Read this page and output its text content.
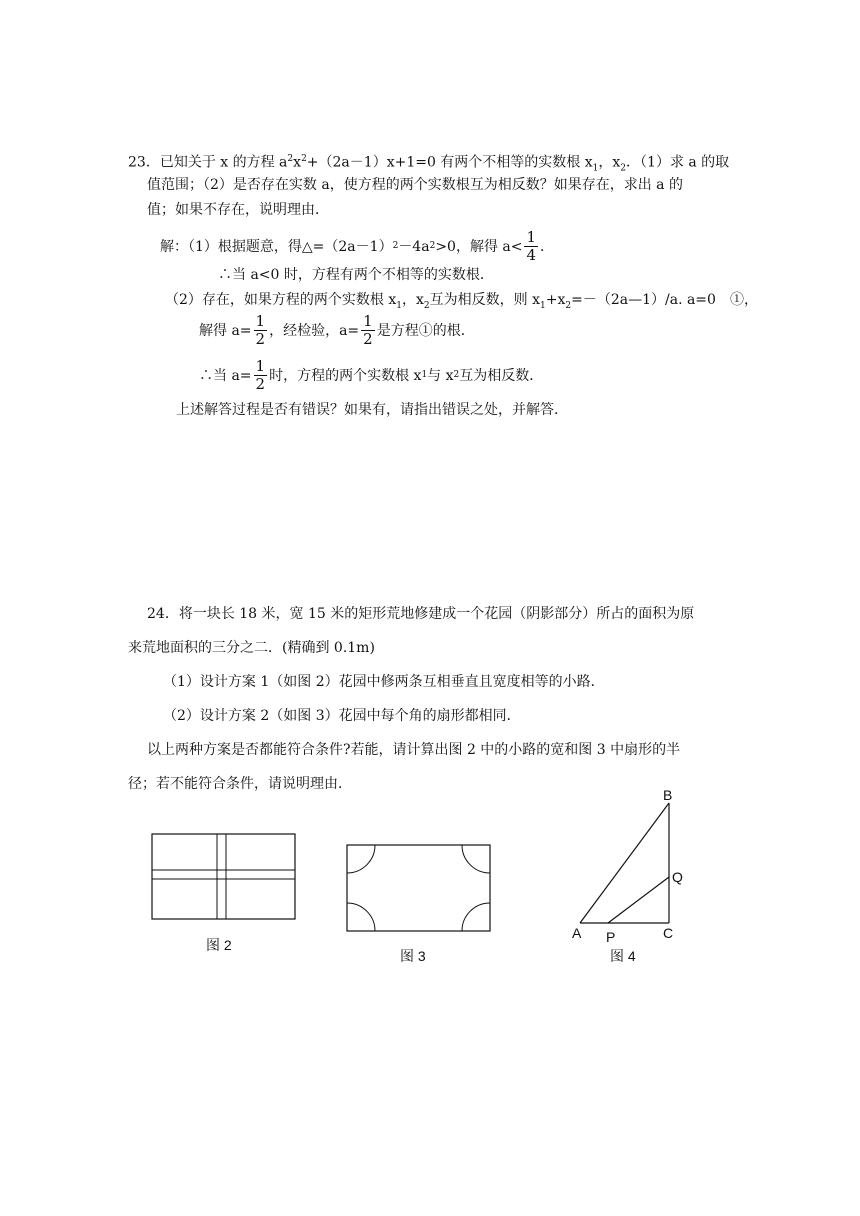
23．已知关于 x 的方程 $a^2x^2+(2a-1)x+1=0$ 有两个不相等的实数根 $x_1$，$x_2$．（1）求 a 的取
值范围；（2）是否存在实数 a，使方程的两个实数根互为相反数？如果存在，求出 a 的
值；如果不存在，说明理由．
解：（1）根据题意，得△=（2a－1） 2 －4a 2 >0，解得 $a< \frac{1}{4}$ ．
∴当 a<0 时，方程有两个不相等的实数根．
（2）存在，如果方程的两个实数根 $x_1$，$x_2$互为相反数，则 $x_1+x_2=-(2a—1)/a$. a=0　①，
解得 $a= \frac{1}{2}$ ，经检验，$a= \frac{1}{2}$ 是方程①的根．
∴当 $a= \frac{1}{2}$ 时，方程的两个实数根 x 1 与 x 2 互为相反数．
上述解答过程是否有错误？如果有，请指出错误之处，并解答．
24．将一块长 18 米，宽 15 米的矩形荒地修建成一个花园（阴影部分）所占的面积为原
来荒地面积的三分之二．(精确到 0.1m)
（1）设计方案 1（如图 2）花园中修两条互相垂直且宽度相等的小路．
（2）设计方案 2（如图 3）花园中每个角的扇形都相同．
以上两种方案是否都能符合条件?若能，请计算出图 2 中的小路的宽和图 3 中扇形的半
径；若不能符合条件，请说明理由．
图 2
图 3
B
Q
A P	C
图 4
